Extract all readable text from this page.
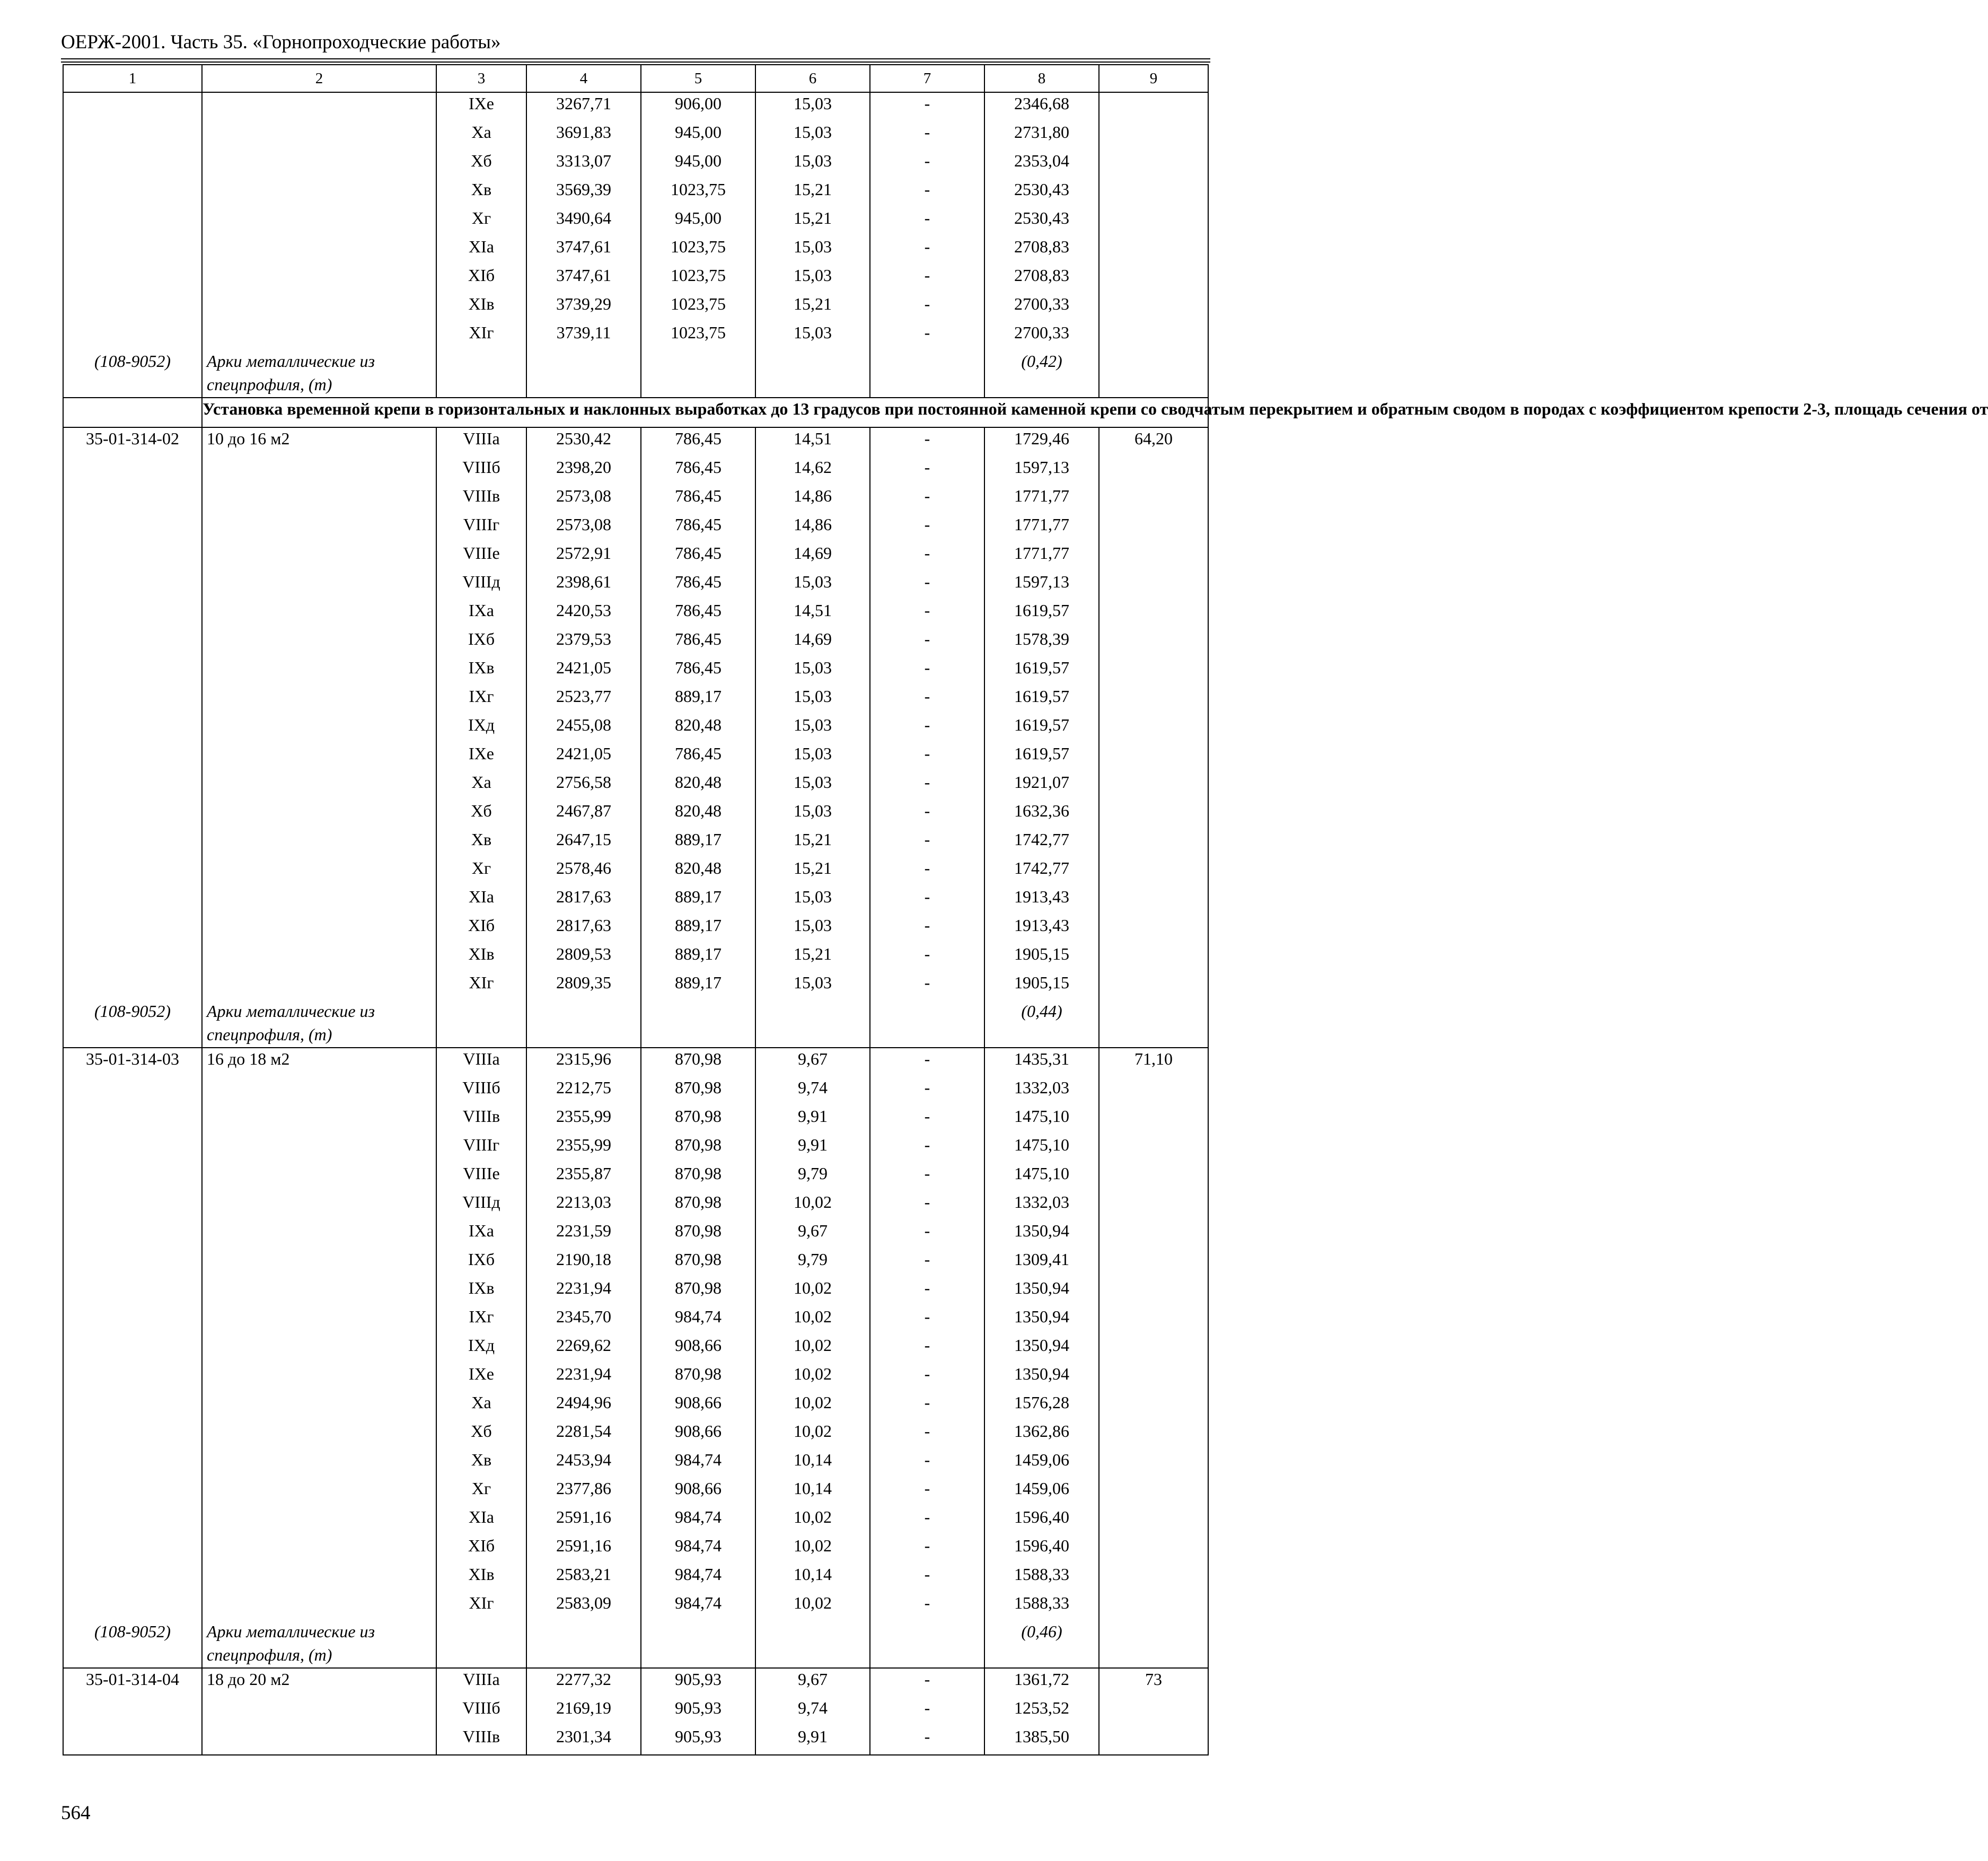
ОЕРЖ-2001. Часть 35. «Горнопроходческие работы»
1	2	3	4	5	6	7	8	9
		IXе	3267,71	906,00	15,03	-	2346,68	
		Xа	3691,83	945,00	15,03	-	2731,80	
		Xб	3313,07	945,00	15,03	-	2353,04	
		Xв	3569,39	1023,75	15,21	-	2530,43	
		Xг	3490,64	945,00	15,21	-	2530,43	
		XIа	3747,61	1023,75	15,03	-	2708,83	
		XIб	3747,61	1023,75	15,03	-	2708,83	
		XIв	3739,29	1023,75	15,21	-	2700,33	
		XIг	3739,11	1023,75	15,03	-	2700,33	
(108-9052)	Арки металлические из						(0,42)	
	спецпрофиля, (т)							
	Установка временной крепи в горизонтальных и наклонных выработках до 13 градусов при постоянной каменной крепи со сводчатым перекрытием и обратным сводом в породах с коэффициентом крепости 2-3, площадь сечения от							
35-01-314-02	10 до 16 м2	VIIIа	2530,42	786,45	14,51	-	1729,46	64,20
		VIIIб	2398,20	786,45	14,62	-	1597,13	
		VIIIв	2573,08	786,45	14,86	-	1771,77	
		VIIIг	2573,08	786,45	14,86	-	1771,77	
		VIIIе	2572,91	786,45	14,69	-	1771,77	
		VIIIд	2398,61	786,45	15,03	-	1597,13	
		IXа	2420,53	786,45	14,51	-	1619,57	
		IXб	2379,53	786,45	14,69	-	1578,39	
		IXв	2421,05	786,45	15,03	-	1619,57	
		IXг	2523,77	889,17	15,03	-	1619,57	
		IXд	2455,08	820,48	15,03	-	1619,57	
		IXе	2421,05	786,45	15,03	-	1619,57	
		Xа	2756,58	820,48	15,03	-	1921,07	
		Xб	2467,87	820,48	15,03	-	1632,36	
		Xв	2647,15	889,17	15,21	-	1742,77	
		Xг	2578,46	820,48	15,21	-	1742,77	
		XIа	2817,63	889,17	15,03	-	1913,43	
		XIб	2817,63	889,17	15,03	-	1913,43	
		XIв	2809,53	889,17	15,21	-	1905,15	
		XIг	2809,35	889,17	15,03	-	1905,15	
(108-9052)	Арки металлические из						(0,44)	
	спецпрофиля, (т)							
35-01-314-03	16 до 18 м2	VIIIа	2315,96	870,98	9,67	-	1435,31	71,10
		VIIIб	2212,75	870,98	9,74	-	1332,03	
		VIIIв	2355,99	870,98	9,91	-	1475,10	
		VIIIг	2355,99	870,98	9,91	-	1475,10	
		VIIIе	2355,87	870,98	9,79	-	1475,10	
		VIIIд	2213,03	870,98	10,02	-	1332,03	
		IXа	2231,59	870,98	9,67	-	1350,94	
		IXб	2190,18	870,98	9,79	-	1309,41	
		IXв	2231,94	870,98	10,02	-	1350,94	
		IXг	2345,70	984,74	10,02	-	1350,94	
		IXд	2269,62	908,66	10,02	-	1350,94	
		IXе	2231,94	870,98	10,02	-	1350,94	
		Xа	2494,96	908,66	10,02	-	1576,28	
		Xб	2281,54	908,66	10,02	-	1362,86	
		Xв	2453,94	984,74	10,14	-	1459,06	
		Xг	2377,86	908,66	10,14	-	1459,06	
		XIа	2591,16	984,74	10,02	-	1596,40	
		XIб	2591,16	984,74	10,02	-	1596,40	
		XIв	2583,21	984,74	10,14	-	1588,33	
		XIг	2583,09	984,74	10,02	-	1588,33	
(108-9052)	Арки металлические из						(0,46)	
	спецпрофиля, (т)							
35-01-314-04	18 до 20 м2	VIIIа	2277,32	905,93	9,67	-	1361,72	73
		VIIIб	2169,19	905,93	9,74	-	1253,52	
		VIIIв	2301,34	905,93	9,91	-	1385,50	
564
